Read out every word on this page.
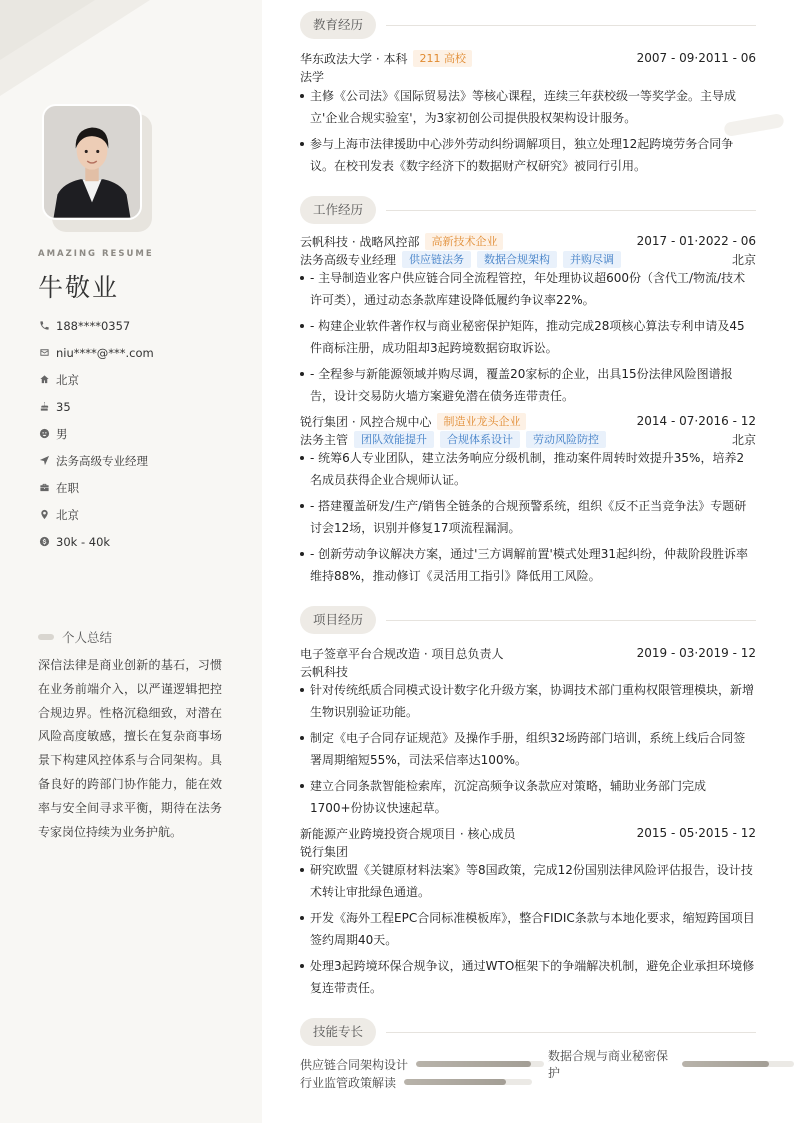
AMAZING RESUME
牛敬业
188****0357
niu****@***.com
北京
35
男
法务高级专业经理
在职
北京
30k - 40k
个人总结

深信法律是商业创新的基石，习惯在业务前端介入，以严谨逻辑把控合规边界。性格沉稳细致，对潜在风险高度敏感，擅长在复杂商事场景下构建风控体系与合同架构。具备良好的跨部门协作能力，能在效率与安全间寻求平衡，期待在法务专家岗位持续为业务护航。

教育经历
华东政法大学 · 本科	211 高校	2007 - 09·2011 - 06
法学
主修《公司法》《国际贸易法》等核心课程，连续三年获校级一等奖学金。主导成立'企业合规实验室'，为3家初创公司提供股权架构设计服务。
参与上海市法律援助中心涉外劳动纠纷调解项目，独立处理12起跨境劳务合同争议。在校刊发表《数字经济下的数据财产权研究》被同行引用。
工作经历
云帆科技 · 战略风控部	高新技术企业	2017 - 01·2022 - 06
法务高级专业经理	供应链法务	数据合规架构	并购尽调	北京
- 主导制造业客户供应链合同全流程管控，年处理协议超600份（含代工/物流/技术许可类），通过动态条款库建设降低履约争议率22%。
- 构建企业软件著作权与商业秘密保护矩阵，推动完成28项核心算法专利申请及45件商标注册，成功阻却3起跨境数据窃取诉讼。
- 全程参与新能源领域并购尽调，覆盖20家标的企业，出具15份法律风险图谱报告，设计交易防火墙方案避免潜在债务连带责任。
锐行集团 · 风控合规中心	制造业龙头企业	2014 - 07·2016 - 12
法务主管	团队效能提升	合规体系设计	劳动风险防控	北京
- 统筹6人专业团队，建立法务响应分级机制，推动案件周转时效提升35%，培养2名成员获得企业合规师认证。
- 搭建覆盖研发/生产/销售全链条的合规预警系统，组织《反不正当竞争法》专题研讨会12场，识别并修复17项流程漏洞。
- 创新劳动争议解决方案，通过'三方调解前置'模式处理31起纠纷，仲裁阶段胜诉率维持88%，推动修订《灵活用工指引》降低用工风险。
项目经历
电子签章平台合规改造 · 项目总负责人	2019 - 03·2019 - 12
云帆科技
针对传统纸质合同模式设计数字化升级方案，协调技术部门重构权限管理模块，新增生物识别验证功能。
制定《电子合同存证规范》及操作手册，组织32场跨部门培训，系统上线后合同签署周期缩短55%，司法采信率达100%。
建立合同条款智能检索库，沉淀高频争议条款应对策略，辅助业务部门完成1700+份协议快速起草。
新能源产业跨境投资合规项目 · 核心成员	2015 - 05·2015 - 12
锐行集团
研究欧盟《关键原材料法案》等8国政策，完成12份国别法律风险评估报告，设计技术转让审批绿色通道。
开发《海外工程EPC合同标准模板库》，整合FIDIC条款与本地化要求，缩短跨国项目签约周期40天。
处理3起跨境环保合规争议，通过WTO框架下的争端解决机制，避免企业承担环境修复连带责任。
技能专长
供应链合同架构设计
数据合规与商业秘密保护
行业监管政策解读
